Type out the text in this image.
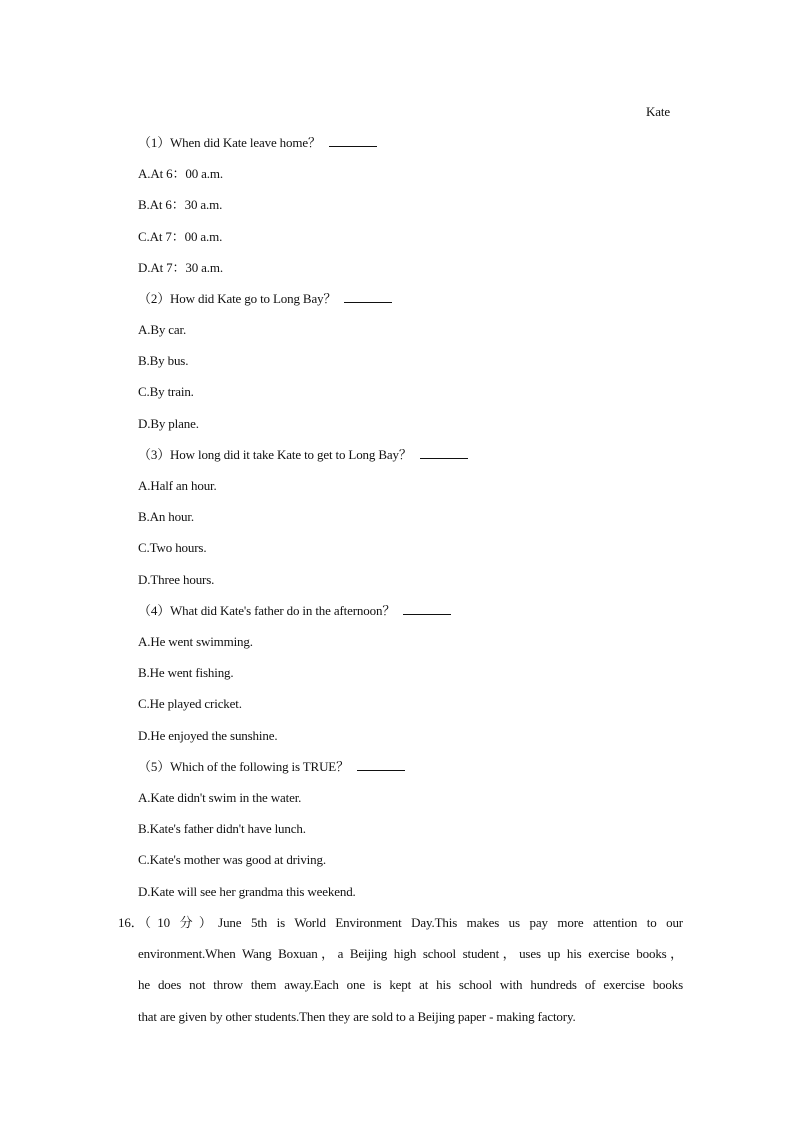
Kate
（1）When did Kate leave home？
A.At 6：00 a.m.
B.At 6：30 a.m.
C.At 7：00 a.m.
D.At 7：30 a.m.
（2）How did Kate go to Long Bay？
A.By car.
B.By bus.
C.By train.
D.By plane.
（3）How long did it take Kate to get to Long Bay？
A.Half an hour.
B.An hour.
C.Two hours.
D.Three hours.
（4）What did Kate's father do in the afternoon？
A.He went swimming.
B.He went fishing.
C.He played cricket.
D.He enjoyed the sunshine.
（5）Which of the following is TRUE？
A.Kate didn't swim in the water.
B.Kate's father didn't have lunch.
C.Kate's mother was good at driving.
D.Kate will see her grandma this weekend.
16．
（10 分）June 5th is World Environment Day.This makes us pay more attention to our
environment.When Wang Boxuan，a Beijing high school student，uses up his exercise books，
he does not throw them away.Each one is kept at his school with hundreds of exercise books
that are given by other students.Then they are sold to a Beijing paper - making factory.
